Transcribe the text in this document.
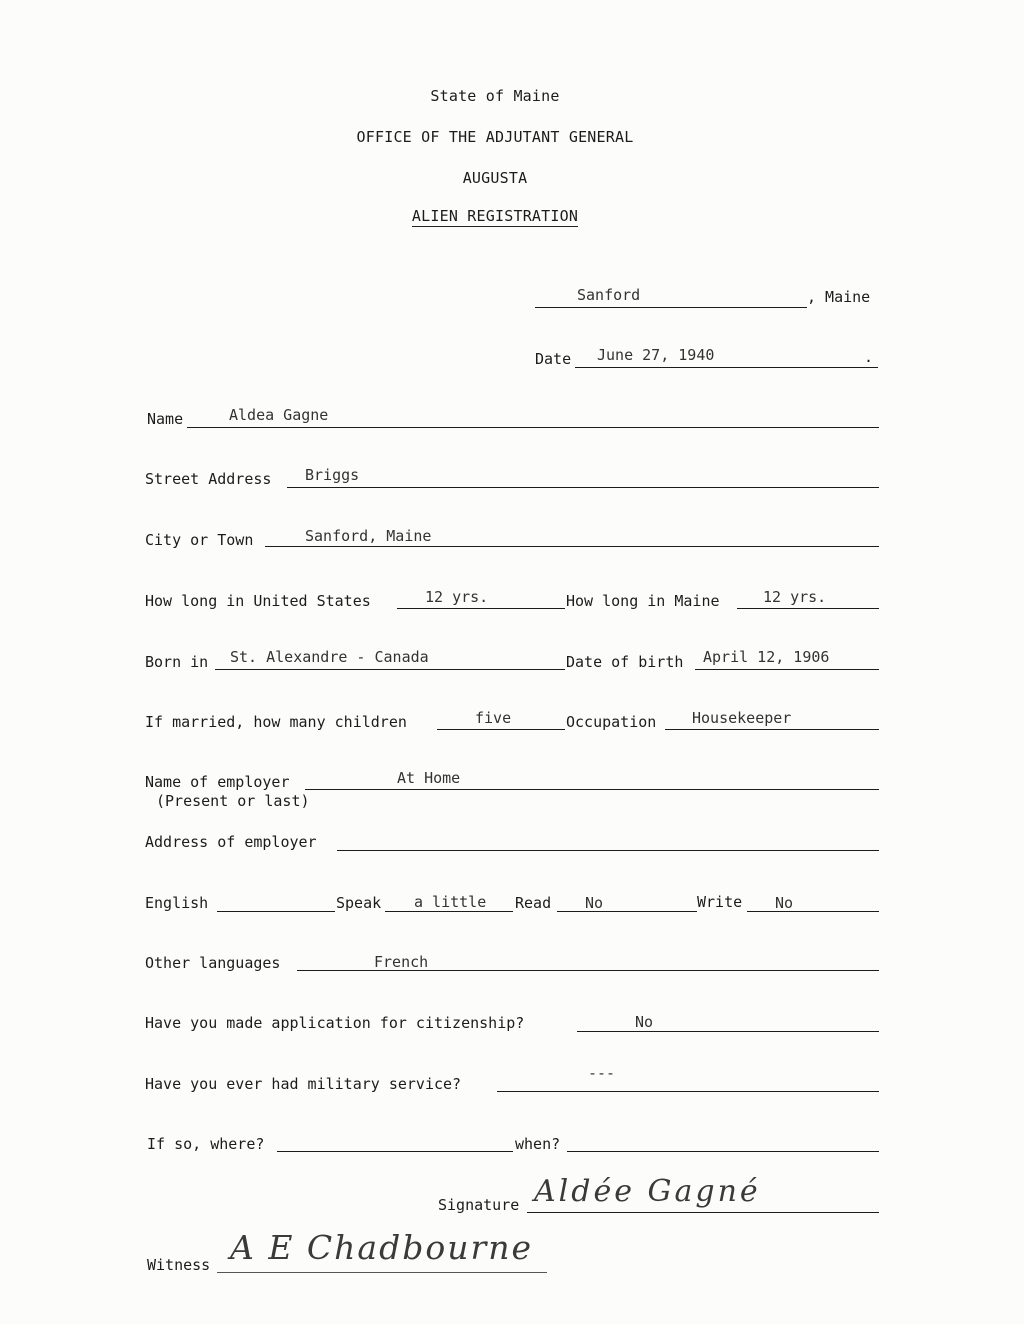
State of Maine
OFFICE OF THE ADJUTANT GENERAL
AUGUSTA
ALIEN REGISTRATION
Sanford	, Maine
Date June 27, 1940	.
Name	Aldea Gagne
Street Address Briggs
City or Town	Sanford, Maine
How long in United States	12 yrs.	How long in Maine	12 yrs.
Born in St. Alexandre - Canada	Date of birth April 12, 1906
If married, how many children	five	Occupation Housekeeper
Name of employer
(Present or last)
At Home
Address of employer
English	Speak a little Read No	Write No
Other languages	French
Have you made application for citizenship?	No
Have you ever had military service?
---
If so, where?	when?
Signature Aldée Gagné
Witness A E Chadbourne
